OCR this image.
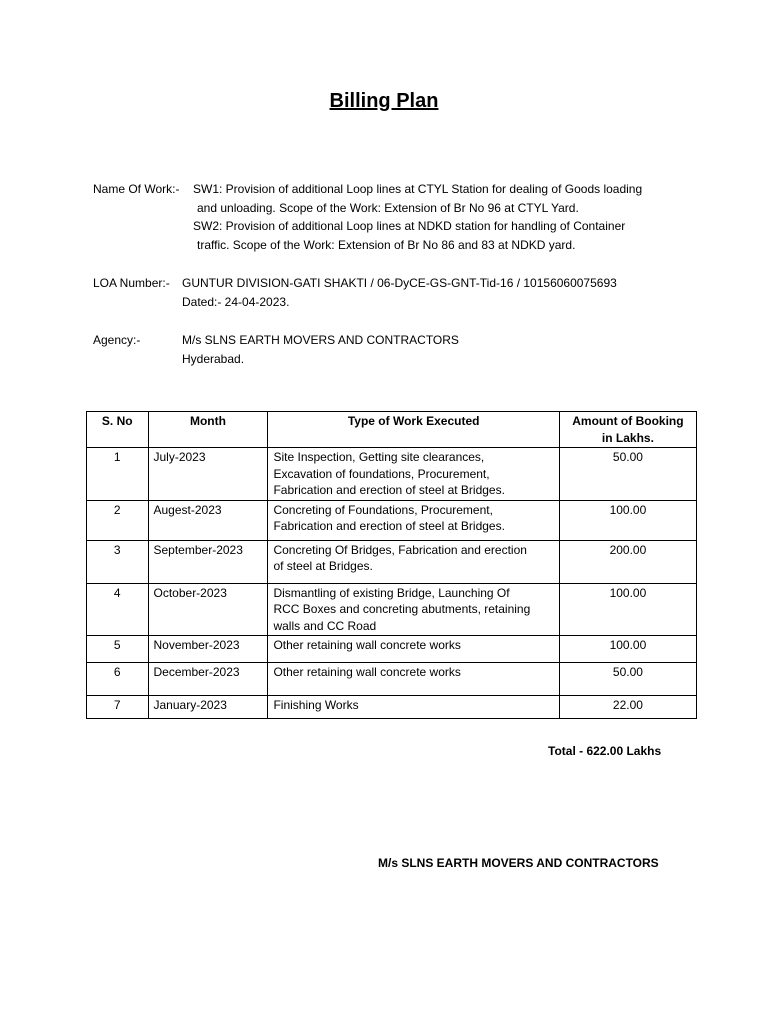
Billing Plan
Name Of Work:- SW1: Provision of additional Loop lines at CTYL Station for dealing of Goods loading
and unloading. Scope of the Work: Extension of Br No 96 at CTYL Yard.
SW2: Provision of additional Loop lines at NDKD station for handling of Container
traffic. Scope of the Work: Extension of Br No 86 and 83 at NDKD yard.
LOA Number:- GUNTUR DIVISION-GATI SHAKTI / 06-DyCE-GS-GNT-Tid-16 / 10156060075693
Dated:- 24-04-2023.
Agency:-	M/s SLNS EARTH MOVERS AND CONTRACTORS
Hyderabad.
S. No	Month	Type of Work Executed	Amount of Booking
in Lakhs.

1	July-2023	Site Inspection, Getting site clearances,
Excavation of foundations, Procurement,
Fabrication and erection of steel at Bridges.	50.00
2	Augest-2023	Concreting of Foundations, Procurement,
Fabrication and erection of steel at Bridges.	100.00
3	September-2023	Concreting Of Bridges, Fabrication and erection
of steel at Bridges.	200.00
4	October-2023	Dismantling of existing Bridge, Launching Of
RCC Boxes and concreting abutments, retaining
walls and CC Road	100.00
5	November-2023	Other retaining wall concrete works	100.00
6	December-2023	Other retaining wall concrete works	50.00
7	January-2023	Finishing Works	22.00
Total - 622.00 Lakhs
M/s SLNS EARTH MOVERS AND CONTRACTORS
